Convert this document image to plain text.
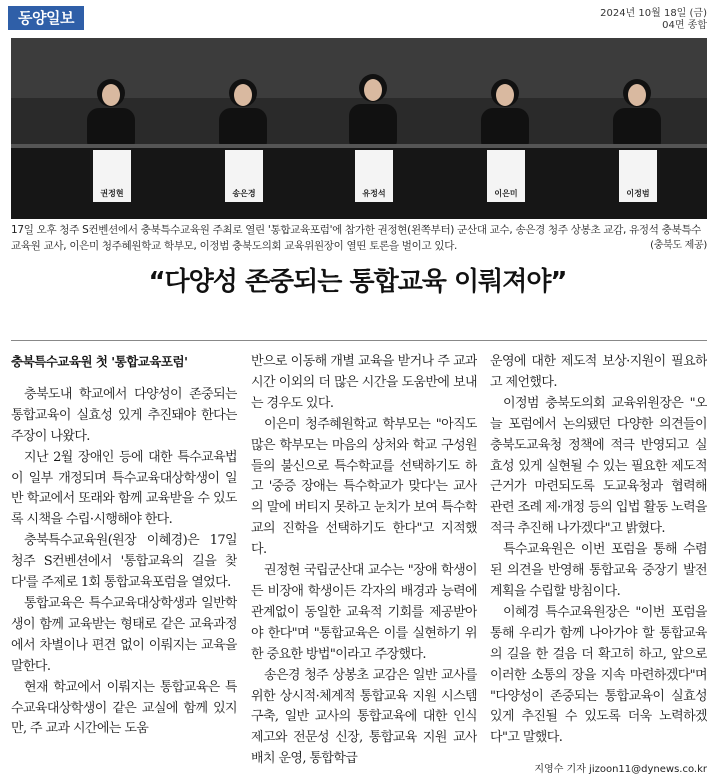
동양일보	2024년 10월 18일 (금)
04면 종합
권정현	송은경	유정석	이은미	이정범
17일 오후 청주 S컨벤션에서 충북특수교육원 주최로 열린 '통합교육포럼'에 참가한 권정현(왼쪽부터) 군산대 교수, 송은경 청주 상봉초 교감, 유정석 충북특수교육원 교사, 이은미 청주혜원학교 학부모, 이정범 충북도의회 교육위원장이 열띤 토론을 벌이고 있다.	(충북도 제공)
“다양성 존중되는 통합교육 이뤄져야”
충북특수교육원 첫 '통합교육포럼'

충북도내 학교에서 다양성이 존중되는 통합교육이 실효성 있게 추진돼야 한다는 주장이 나왔다.

지난 2월 장애인 등에 대한 특수교육법이 일부 개정되며 특수교육대상학생이 일반 학교에서 또래와 함께 교육받을 수 있도록 시책을 수립·시행해야 한다.

충북특수교육원(원장 이혜경)은 17일 청주 S컨벤션에서 '통합교육의 길을 찾다'를 주제로 1회 통합교육포럼을 열었다.

통합교육은 특수교육대상학생과 일반학생이 함께 교육받는 형태로 같은 교육과정에서 차별이나 편견 없이 이뤄지는 교육을 말한다.

현재 학교에서 이뤄지는 통합교육은 특수교육대상학생이 같은 교실에 함께 있지만, 주 교과 시간에는 도움

반으로 이동해 개별 교육을 받거나 주 교과 시간 이외의 더 많은 시간을 도움반에 보내는 경우도 있다.

이은미 청주혜원학교 학부모는 "아직도 많은 학부모는 마음의 상처와 학교 구성원들의 불신으로 특수학교를 선택하기도 하고 '중증 장애는 특수학교가 맞다'는 교사의 말에 버티지 못하고 눈치가 보여 특수학교의 진학을 선택하기도 한다"고 지적했다.

권정현 국립군산대 교수는 "장애 학생이든 비장애 학생이든 각자의 배경과 능력에 관계없이 동일한 교육적 기회를 제공받아야 한다"며 "통합교육은 이를 실현하기 위한 중요한 방법"이라고 주장했다.

송은경 청주 상봉초 교감은 일반 교사를 위한 상시적·체계적 통합교육 지원 시스템 구축, 일반 교사의 통합교육에 대한 인식 제고와 전문성 신장, 통합교육 지원 교사 배치 운영, 통합학급

운영에 대한 제도적 보상·지원이 필요하고 제언했다.

이정범 충북도의회 교육위원장은 "오늘 포럼에서 논의됐던 다양한 의견들이 충북도교육청 정책에 적극 반영되고 실효성 있게 실현될 수 있는 필요한 제도적 근거가 마련되도록 도교육청과 협력해 관련 조례 제·개정 등의 입법 활동 노력을 적극 추진해 나가겠다"고 밝혔다.

특수교육원은 이번 포럼을 통해 수렴된 의견을 반영해 통합교육 중장기 발전계획을 수립할 방침이다.

이혜경 특수교육원장은 "이번 포럼을 통해 우리가 함께 나아가야 할 통합교육의 길을 한 걸음 더 확고히 하고, 앞으로 이러한 소통의 장을 지속 마련하겠다"며 "다양성이 존중되는 통합교육이 실효성 있게 추진될 수 있도록 더욱 노력하겠다"고 말했다.

지영수 기자 jizoon11@dynews.co.kr
